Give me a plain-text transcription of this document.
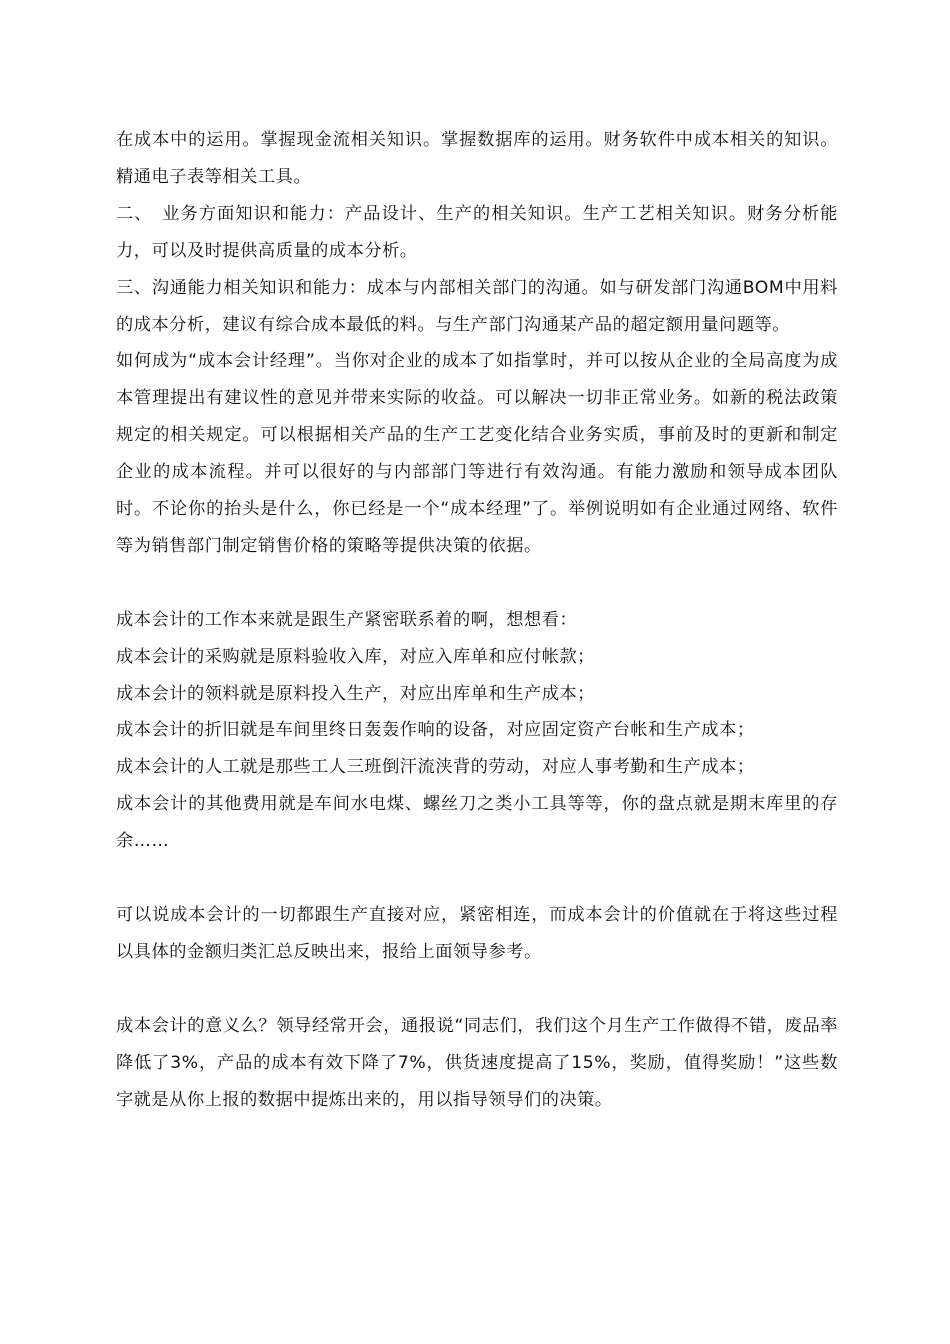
在成本中的运用。掌握现金流相关知识。掌握数据库的运用。财务软件中成本相关的知识。精通电子表等相关工具。

二、　业务方面知识和能力：产品设计、生产的相关知识。生产工艺相关知识。财务分析能力，可以及时提供高质量的成本分析。

三、沟通能力相关知识和能力：成本与内部相关部门的沟通。如与研发部门沟通BOM中用料的成本分析，建议有综合成本最低的料。与生产部门沟通某产品的超定额用量问题等。

如何成为“成本会计经理”。当你对企业的成本了如指掌时，并可以按从企业的全局高度为成本管理提出有建议性的意见并带来实际的收益。可以解决一切非正常业务。如新的税法政策规定的相关规定。可以根据相关产品的生产工艺变化结合业务实质，事前及时的更新和制定企业的成本流程。并可以很好的与内部部门等进行有效沟通。有能力激励和领导成本团队时。不论你的抬头是什么，你已经是一个“成本经理”了。举例说明如有企业通过网络、软件等为销售部门制定销售价格的策略等提供决策的依据。

成本会计的工作本来就是跟生产紧密联系着的啊，想想看：

成本会计的采购就是原料验收入库，对应入库单和应付帐款；

成本会计的领料就是原料投入生产，对应出库单和生产成本；

成本会计的折旧就是车间里终日轰轰作响的设备，对应固定资产台帐和生产成本；

成本会计的人工就是那些工人三班倒汗流浃背的劳动，对应人事考勤和生产成本；

成本会计的其他费用就是车间水电煤、螺丝刀之类小工具等等，你的盘点就是期末库里的存余……

可以说成本会计的一切都跟生产直接对应，紧密相连，而成本会计的价值就在于将这些过程以具体的金额归类汇总反映出来，报给上面领导参考。

成本会计的意义么？领导经常开会，通报说“同志们，我们这个月生产工作做得不错，废品率降低了3%，产品的成本有效下降了7%，供货速度提高了15%，奖励，值得奖励！”这些数字就是从你上报的数据中提炼出来的，用以指导领导们的决策。
